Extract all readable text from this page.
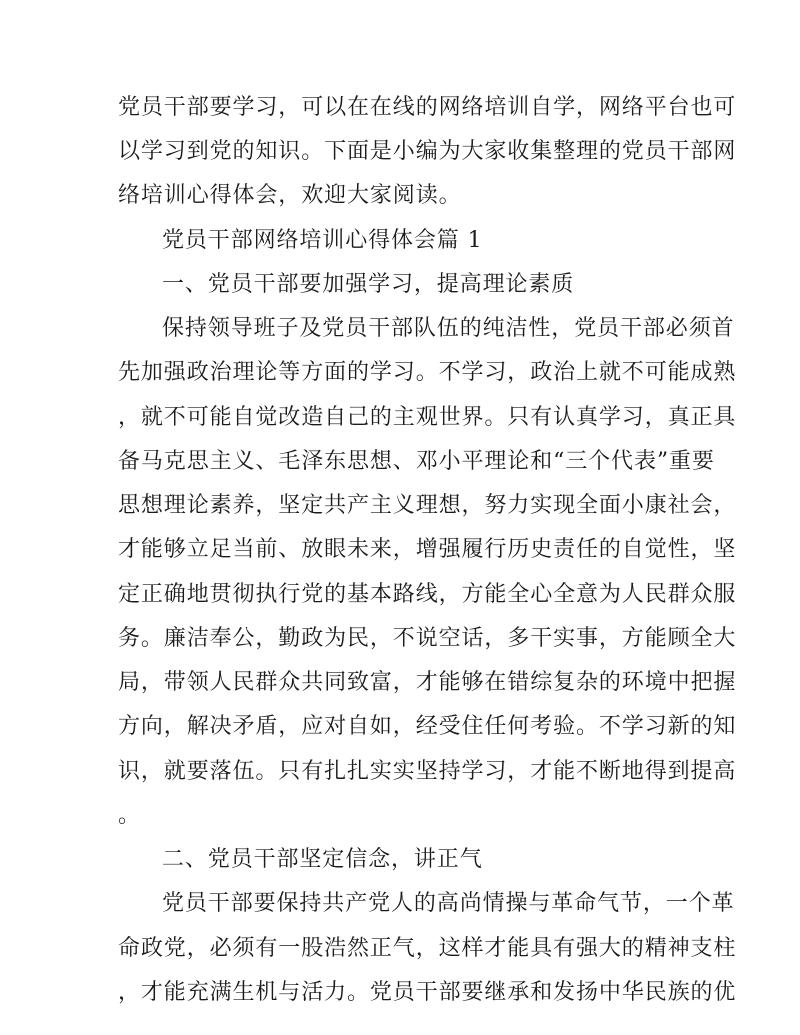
党员干部要学习，可以在在线的网络培训自学，网络平台也可
以学习到党的知识。下面是小编为大家收集整理的党员干部网
络培训心得体会，欢迎大家阅读。
党员干部网络培训心得体会篇 1
一、党员干部要加强学习，提高理论素质
保持领导班子及党员干部队伍的纯洁性，党员干部必须首
先加强政治理论等方面的学习。不学习，政治上就不可能成熟
，就不可能自觉改造自己的主观世界。只有认真学习，真正具
备马克思主义、毛泽东思想、邓小平理论和“三个代表”重要
思想理论素养，坚定共产主义理想，努力实现全面小康社会，
才能够立足当前、放眼未来，增强履行历史责任的自觉性，坚
定正确地贯彻执行党的基本路线，方能全心全意为人民群众服
务。廉洁奉公，勤政为民，不说空话，多干实事，方能顾全大
局，带领人民群众共同致富，才能够在错综复杂的环境中把握
方向，解决矛盾，应对自如，经受住任何考验。不学习新的知
识，就要落伍。只有扎扎实实坚持学习，才能不断地得到提高
。
二、党员干部坚定信念，讲正气
党员干部要保持共产党人的高尚情操与革命气节，一个革
命政党，必须有一股浩然正气，这样才能具有强大的精神支柱
，才能充满生机与活力。党员干部要继承和发扬中华民族的优
